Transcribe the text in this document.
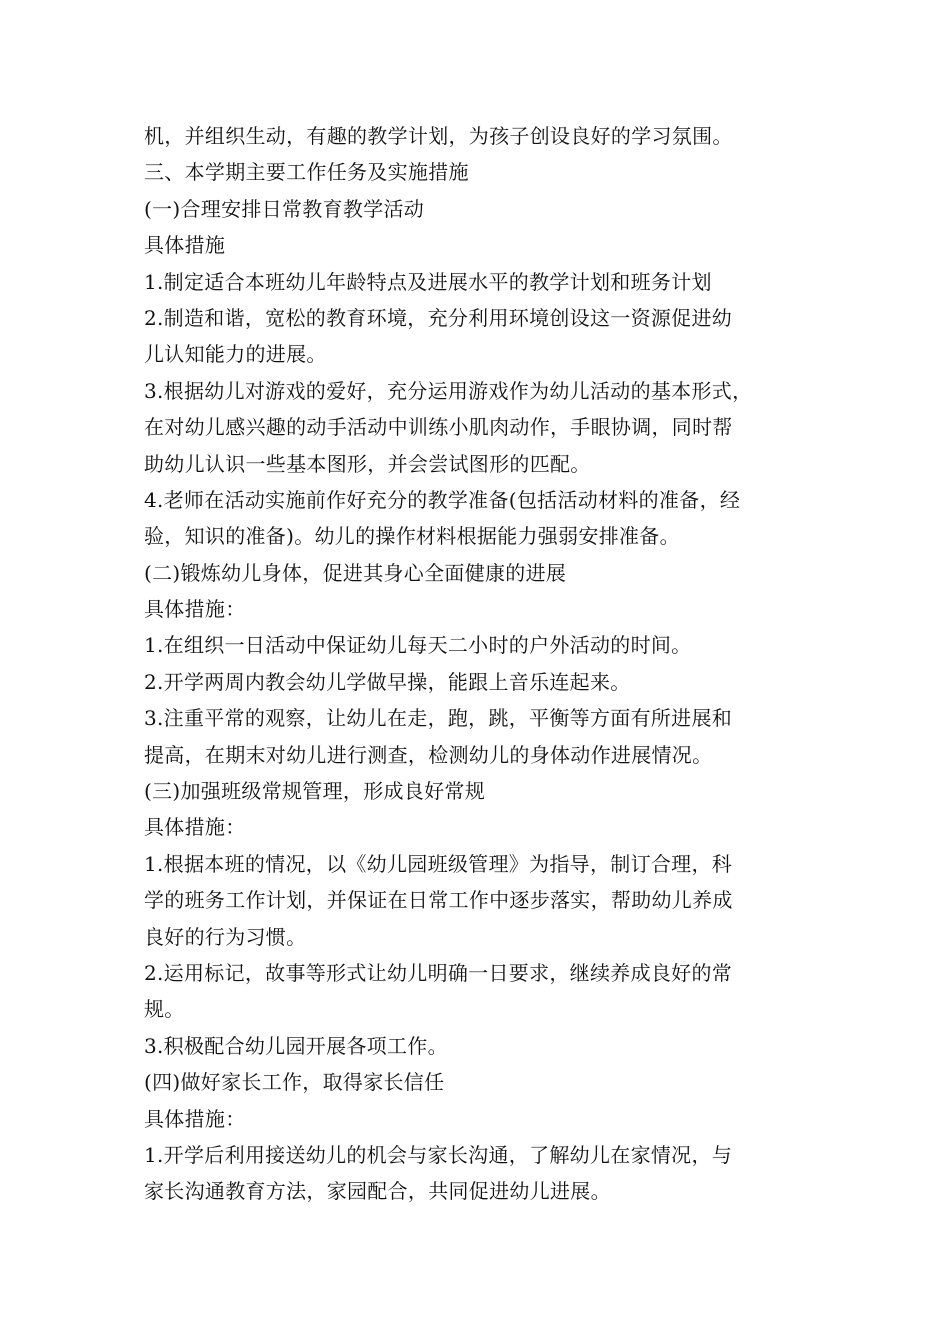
机，并组织生动，有趣的教学计划，为孩子创设良好的学习氛围。
三、本学期主要工作任务及实施措施
(一)合理安排日常教育教学活动
具体措施
1.制定适合本班幼儿年龄特点及进展水平的教学计划和班务计划
2.制造和谐，宽松的教育环境，充分利用环境创设这一资源促进幼
儿认知能力的进展。
3.根据幼儿对游戏的爱好，充分运用游戏作为幼儿活动的基本形式，
在对幼儿感兴趣的动手活动中训练小肌肉动作，手眼协调，同时帮
助幼儿认识一些基本图形，并会尝试图形的匹配。
4.老师在活动实施前作好充分的教学准备(包括活动材料的准备，经
验，知识的准备)。幼儿的操作材料根据能力强弱安排准备。
(二)锻炼幼儿身体，促进其身心全面健康的进展
具体措施：
1.在组织一日活动中保证幼儿每天二小时的户外活动的时间。
2.开学两周内教会幼儿学做早操，能跟上音乐连起来。
3.注重平常的观察，让幼儿在走，跑，跳，平衡等方面有所进展和
提高，在期末对幼儿进行测查，检测幼儿的身体动作进展情况。
(三)加强班级常规管理，形成良好常规
具体措施：
1.根据本班的情况，以《幼儿园班级管理》为指导，制订合理，科
学的班务工作计划，并保证在日常工作中逐步落实，帮助幼儿养成
良好的行为习惯。
2.运用标记，故事等形式让幼儿明确一日要求，继续养成良好的常
规。
3.积极配合幼儿园开展各项工作。
(四)做好家长工作，取得家长信任
具体措施：
1.开学后利用接送幼儿的机会与家长沟通，了解幼儿在家情况，与
家长沟通教育方法，家园配合，共同促进幼儿进展。
